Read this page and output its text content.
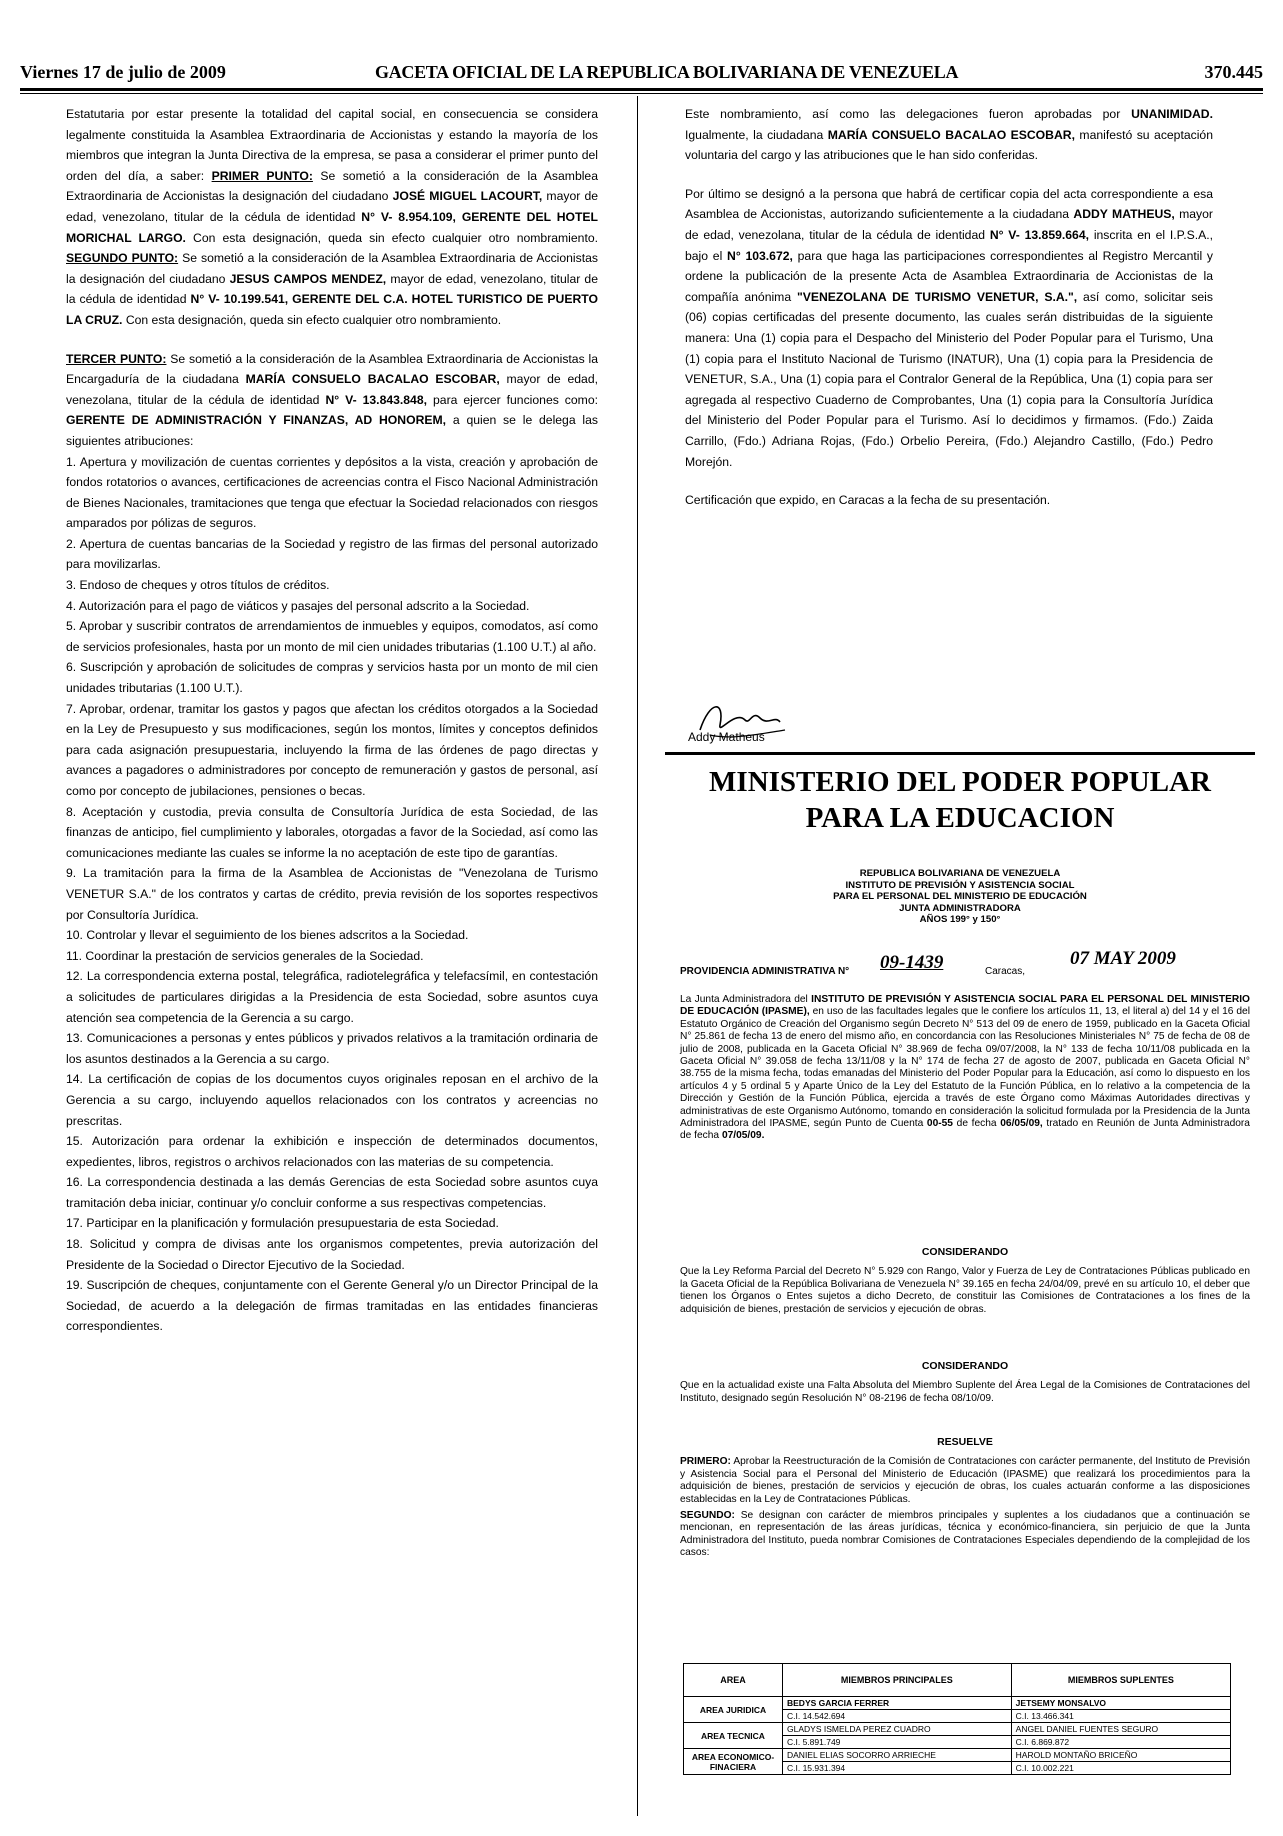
Viernes 17 de julio de 2009	GACETA OFICIAL DE LA REPUBLICA BOLIVARIANA DE VENEZUELA	370.445

Estatutaria por estar presente la totalidad del capital social, en consecuencia se considera legalmente constituida la Asamblea Extraordinaria de Accionistas y estando la mayoría de los miembros que integran la Junta Directiva de la empresa, se pasa a considerar el primer punto del orden del día, a saber: PRIMER PUNTO: Se sometió a la consideración de la Asamblea Extraordinaria de Accionistas la designación del ciudadano JOSÉ MIGUEL LACOURT, mayor de edad, venezolano, titular de la cédula de identidad N° V- 8.954.109, GERENTE DEL HOTEL MORICHAL LARGO. Con esta designación, queda sin efecto cualquier otro nombramiento. SEGUNDO PUNTO: Se sometió a la consideración de la Asamblea Extraordinaria de Accionistas la designación del ciudadano JESUS CAMPOS MENDEZ, mayor de edad, venezolano, titular de la cédula de identidad N° V- 10.199.541, GERENTE DEL C.A. HOTEL TURISTICO DE PUERTO LA CRUZ. Con esta designación, queda sin efecto cualquier otro nombramiento.

TERCER PUNTO: Se sometió a la consideración de la Asamblea Extraordinaria de Accionistas la Encargaduría de la ciudadana MARÍA CONSUELO BACALAO ESCOBAR, mayor de edad, venezolana, titular de la cédula de identidad N° V- 13.843.848, para ejercer funciones como: GERENTE DE ADMINISTRACIÓN Y FINANZAS, AD HONOREM, a quien se le delega las siguientes atribuciones:

1. Apertura y movilización de cuentas corrientes y depósitos a la vista, creación y aprobación de fondos rotatorios o avances, certificaciones de acreencias contra el Fisco Nacional Administración de Bienes Nacionales, tramitaciones que tenga que efectuar la Sociedad relacionados con riesgos amparados por pólizas de seguros.

2. Apertura de cuentas bancarias de la Sociedad y registro de las firmas del personal autorizado para movilizarlas.

3. Endoso de cheques y otros títulos de créditos.

4. Autorización para el pago de viáticos y pasajes del personal adscrito a la Sociedad.

5. Aprobar y suscribir contratos de arrendamientos de inmuebles y equipos, comodatos, así como de servicios profesionales, hasta por un monto de mil cien unidades tributarias (1.100 U.T.) al año.

6. Suscripción y aprobación de solicitudes de compras y servicios hasta por un monto de mil cien unidades tributarias (1.100 U.T.).

7. Aprobar, ordenar, tramitar los gastos y pagos que afectan los créditos otorgados a la Sociedad en la Ley de Presupuesto y sus modificaciones, según los montos, límites y conceptos definidos para cada asignación presupuestaria, incluyendo la firma de las órdenes de pago directas y avances a pagadores o administradores por concepto de remuneración y gastos de personal, así como por concepto de jubilaciones, pensiones o becas.

8. Aceptación y custodia, previa consulta de Consultoría Jurídica de esta Sociedad, de las finanzas de anticipo, fiel cumplimiento y laborales, otorgadas a favor de la Sociedad, así como las comunicaciones mediante las cuales se informe la no aceptación de este tipo de garantías.

9. La tramitación para la firma de la Asamblea de Accionistas de "Venezolana de Turismo VENETUR S.A." de los contratos y cartas de crédito, previa revisión de los soportes respectivos por Consultoría Jurídica.

10. Controlar y llevar el seguimiento de los bienes adscritos a la Sociedad.

11. Coordinar la prestación de servicios generales de la Sociedad.

12. La correspondencia externa postal, telegráfica, radiotelegráfica y telefacsímil, en contestación a solicitudes de particulares dirigidas a la Presidencia de esta Sociedad, sobre asuntos cuya atención sea competencia de la Gerencia a su cargo.

13. Comunicaciones a personas y entes públicos y privados relativos a la tramitación ordinaria de los asuntos destinados a la Gerencia a su cargo.

14. La certificación de copias de los documentos cuyos originales reposan en el archivo de la Gerencia a su cargo, incluyendo aquellos relacionados con los contratos y acreencias no prescritas.

15. Autorización para ordenar la exhibición e inspección de determinados documentos, expedientes, libros, registros o archivos relacionados con las materias de su competencia.

16. La correspondencia destinada a las demás Gerencias de esta Sociedad sobre asuntos cuya tramitación deba iniciar, continuar y/o concluir conforme a sus respectivas competencias.

17. Participar en la planificación y formulación presupuestaria de esta Sociedad.

18. Solicitud y compra de divisas ante los organismos competentes, previa autorización del Presidente de la Sociedad o Director Ejecutivo de la Sociedad.

19. Suscripción de cheques, conjuntamente con el Gerente General y/o un Director Principal de la Sociedad, de acuerdo a la delegación de firmas tramitadas en las entidades financieras correspondientes.

Este nombramiento, así como las delegaciones fueron aprobadas por UNANIMIDAD. Igualmente, la ciudadana MARÍA CONSUELO BACALAO ESCOBAR, manifestó su aceptación voluntaria del cargo y las atribuciones que le han sido conferidas.

Por último se designó a la persona que habrá de certificar copia del acta correspondiente a esa Asamblea de Accionistas, autorizando suficientemente a la ciudadana ADDY MATHEUS, mayor de edad, venezolana, titular de la cédula de identidad N° V- 13.859.664, inscrita en el I.P.S.A., bajo el N° 103.672, para que haga las participaciones correspondientes al Registro Mercantil y ordene la publicación de la presente Acta de Asamblea Extraordinaria de Accionistas de la compañía anónima "VENEZOLANA DE TURISMO VENETUR, S.A.", así como, solicitar seis (06) copias certificadas del presente documento, las cuales serán distribuidas de la siguiente manera: Una (1) copia para el Despacho del Ministerio del Poder Popular para el Turismo, Una (1) copia para el Instituto Nacional de Turismo (INATUR), Una (1) copia para la Presidencia de VENETUR, S.A., Una (1) copia para el Contralor General de la República, Una (1) copia para ser agregada al respectivo Cuaderno de Comprobantes, Una (1) copia para la Consultoría Jurídica del Ministerio del Poder Popular para el Turismo. Así lo decidimos y firmamos. (Fdo.) Zaida Carrillo, (Fdo.) Adriana Rojas, (Fdo.) Orbelio Pereira, (Fdo.) Alejandro Castillo, (Fdo.) Pedro Morejón.

Certificación que expido, en Caracas a la fecha de su presentación.

Addy Matheus
MINISTERIO DEL PODER POPULAR
PARA LA EDUCACION
REPUBLICA BOLIVARIANA DE VENEZUELA
INSTITUTO DE PREVISIÓN Y ASISTENCIA SOCIAL
PARA EL PERSONAL DEL MINISTERIO DE EDUCACIÓN
JUNTA ADMINISTRADORA
AÑOS 199° y 150°
PROVIDENCIA ADMINISTRATIVA N° 09-1439	Caracas,
07 MAY 2009

La Junta Administradora del INSTITUTO DE PREVISIÓN Y ASISTENCIA SOCIAL PARA EL PERSONAL DEL MINISTERIO DE EDUCACIÓN (IPASME), en uso de las facultades legales que le confiere los artículos 11, 13, el literal a) del 14 y el 16 del Estatuto Orgánico de Creación del Organismo según Decreto N° 513 del 09 de enero de 1959, publicado en la Gaceta Oficial N° 25.861 de fecha 13 de enero del mismo año, en concordancia con las Resoluciones Ministeriales N° 75 de fecha de 08 de julio de 2008, publicada en la Gaceta Oficial N° 38.969 de fecha 09/07/2008, la N° 133 de fecha 10/11/08 publicada en la Gaceta Oficial N° 39.058 de fecha 13/11/08 y la N° 174 de fecha 27 de agosto de 2007, publicada en Gaceta Oficial N° 38.755 de la misma fecha, todas emanadas del Ministerio del Poder Popular para la Educación, así como lo dispuesto en los artículos 4 y 5 ordinal 5 y Aparte Único de la Ley del Estatuto de la Función Pública, en lo relativo a la competencia de la Dirección y Gestión de la Función Pública, ejercida a través de este Órgano como Máximas Autoridades directivas y administrativas de este Organismo Autónomo, tomando en consideración la solicitud formulada por la Presidencia de la Junta Administradora del IPASME, según Punto de Cuenta 00-55 de fecha 06/05/09, tratado en Reunión de Junta Administradora de fecha 07/05/09.

CONSIDERANDO

Que la Ley Reforma Parcial del Decreto N° 5.929 con Rango, Valor y Fuerza de Ley de Contrataciones Públicas publicado en la Gaceta Oficial de la República Bolivariana de Venezuela N° 39.165 en fecha 24/04/09, prevé en su artículo 10, el deber que tienen los Órganos o Entes sujetos a dicho Decreto, de constituir las Comisiones de Contrataciones a los fines de la adquisición de bienes, prestación de servicios y ejecución de obras.

CONSIDERANDO

Que en la actualidad existe una Falta Absoluta del Miembro Suplente del Área Legal de la Comisiones de Contrataciones del Instituto, designado según Resolución N° 08-2196 de fecha 08/10/09.

RESUELVE

PRIMERO: Aprobar la Reestructuración de la Comisión de Contrataciones con carácter permanente, del Instituto de Previsión y Asistencia Social para el Personal del Ministerio de Educación (IPASME) que realizará los procedimientos para la adquisición de bienes, prestación de servicios y ejecución de obras, los cuales actuarán conforme a las disposiciones establecidas en la Ley de Contrataciones Públicas.

SEGUNDO: Se designan con carácter de miembros principales y suplentes a los ciudadanos que a continuación se mencionan, en representación de las áreas jurídicas, técnica y económico-financiera, sin perjuicio de que la Junta Administradora del Instituto, pueda nombrar Comisiones de Contrataciones Especiales dependiendo de la complejidad de los casos:

AREA	MIEMBROS PRINCIPALES	MIEMBROS SUPLENTES
AREA JURIDICA	BEDYS GARCIA FERRER	JETSEMY MONSALVO
	C.I. 14.542.694	C.I. 13.466.341
AREA TECNICA	GLADYS ISMELDA PEREZ CUADRO	ANGEL DANIEL FUENTES SEGURO
	C.I. 5.891.749	C.I. 6.869.872
AREA ECONOMICO-FINACIERA	DANIEL ELIAS SOCORRO ARRIECHE	HAROLD MONTAÑO BRICEÑO
	C.I. 15.931.394	C.I. 10.002.221
